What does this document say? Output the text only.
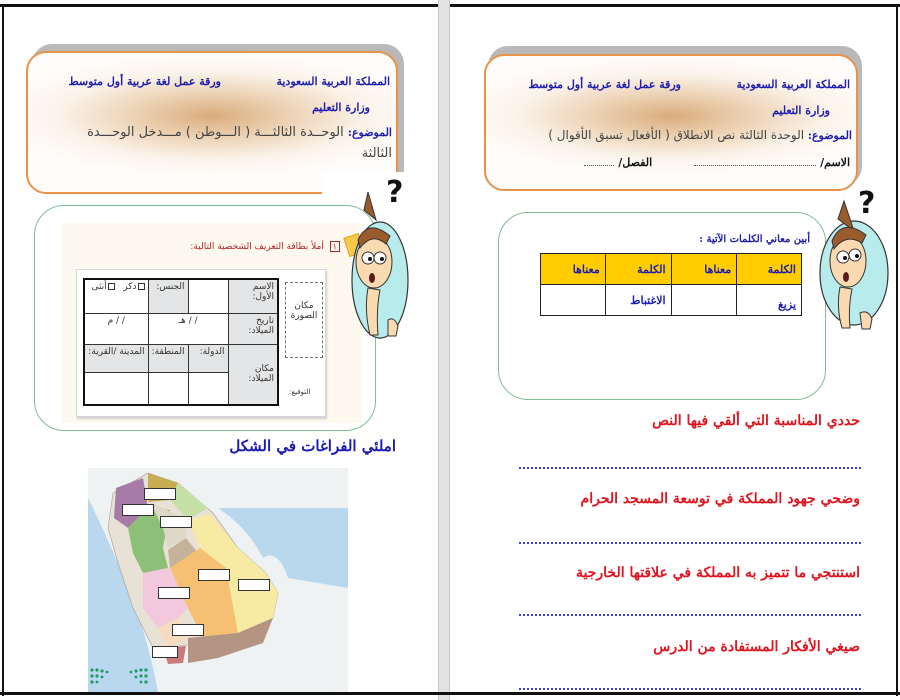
المملكة العربية السعودية
ورقة عمل لغة عربية أول متوسط
وزارة التعليم
الموضوع: الوحــدة الثالثـــة ( الـــوطن ) مـــدخل الوحـــدة
الثالثة
١ أملأ بطاقة التعريف الشخصية التالية:
الاسم الأول:		الجنس:	ذكر   أنثى
تاريخ الميلاد:	/ / هـ		/ / م
مكان الميلاد:	الدولة:	المنطقة:	المدينة /القرية:

مكان
الصورة
التوقيع:
?
املئي الفراغات في الشكل
المملكة العربية السعودية
ورقة عمل لغة عربية أول متوسط
وزارة التعليم
الموضوع: الوحدة الثالثة نص الانطلاق ( الأفعال تسبق الأقوال )
الاسم/            الفصل/
أبين معاني الكلمات الآتية :
الكلمة	معناها	الكلمة	معناها
يزيغ		الاغتباط	
?
حددي المناسبة التي ألقي فيها النص
وضحي جهود المملكة في توسعة المسجد الحرام
استنتجي ما تتميز به المملكة في علاقتها الخارجية
صيغي الأفكار المستفادة من الدرس
